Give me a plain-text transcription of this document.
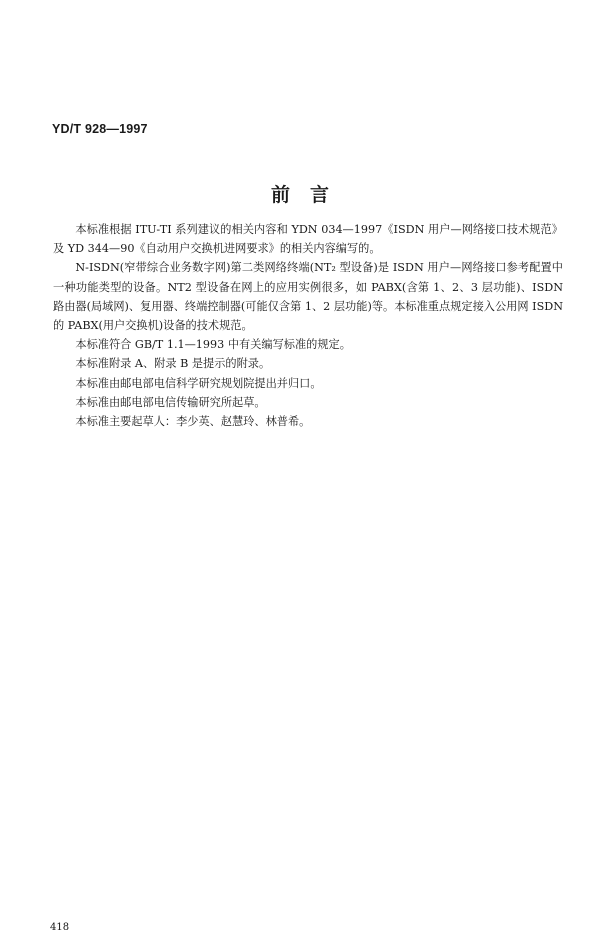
YD/T 928—1997
前言

本标准根据 ITU-TI 系列建议的相关内容和 YDN 034—1997《ISDN 用户—网络接口技术规范》及 YD 344—90《自动用户交换机进网要求》的相关内容编写的。

N-ISDN(窄带综合业务数字网)第二类网络终端(NT₂ 型设备)是 ISDN 用户—网络接口参考配置中一种功能类型的设备。NT2 型设备在网上的应用实例很多，如 PABX(含第 1、2、3 层功能)、ISDN 路由器(局域网)、复用器、终端控制器(可能仅含第 1、2 层功能)等。本标准重点规定接入公用网 ISDN 的 PABX(用户交换机)设备的技术规范。

本标准符合 GB/T 1.1—1993 中有关编写标准的规定。

本标准附录 A、附录 B 是提示的附录。

本标准由邮电部电信科学研究规划院提出并归口。

本标准由邮电部电信传输研究所起草。

本标准主要起草人：李少英、赵慧玲、林普希。

418
